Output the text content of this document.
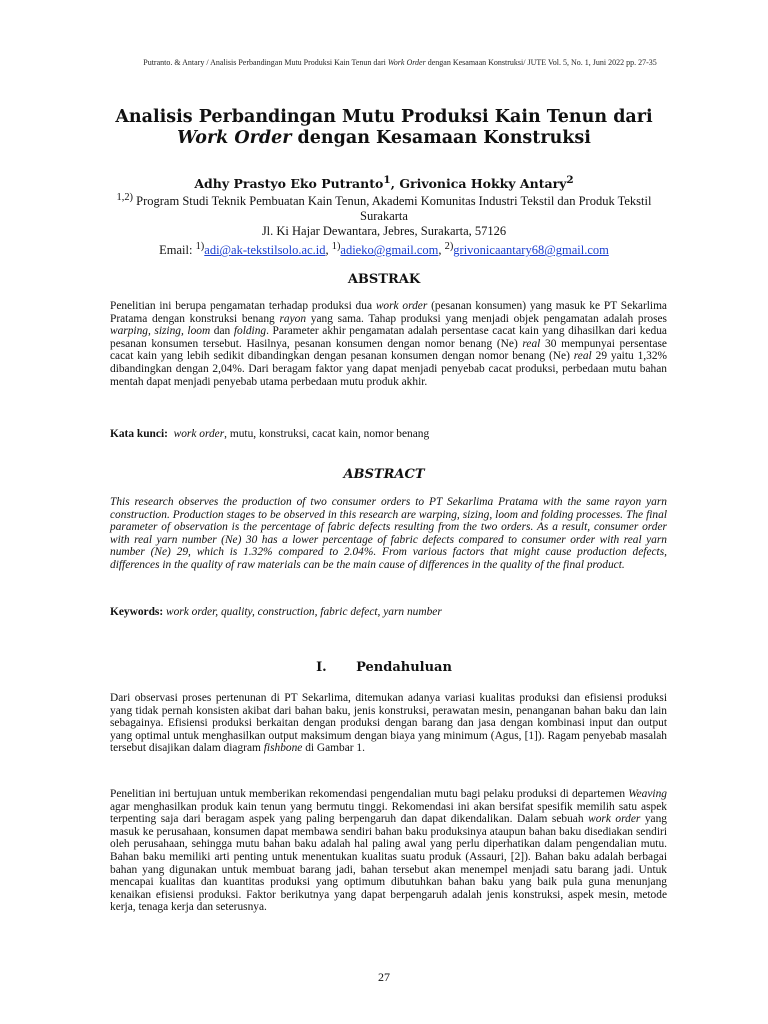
Putranto. & Antary / Analisis Perbandingan Mutu Produksi Kain Tenun dari Work Order dengan Kesamaan Konstruksi/ JUTE Vol. 5, No. 1, Juni 2022 pp. 27-35
Analisis Perbandingan Mutu Produksi Kain Tenun dari Work Order dengan Kesamaan Konstruksi
Adhy Prastyo Eko Putranto$^1$, Grivonica Hokky Antary$^2$

$^{1,2)}$ Program Studi Teknik Pembuatan Kain Tenun, Akademi Komunitas Industri Tekstil dan Produk Tekstil Surakarta

Jl. Ki Hajar Dewantara, Jebres, Surakarta, 57126

Email: $^{1)}$adi@ak-tekstilsolo.ac.id, $^{1)}$adieko@gmail.com, $^{2)}$grivonicaantary68@gmail.com

ABSTRAK

Penelitian ini berupa pengamatan terhadap produksi dua work order (pesanan konsumen) yang masuk ke PT Sekarlima Pratama dengan konstruksi benang rayon yang sama. Tahap produksi yang menjadi objek pengamatan adalah proses warping, sizing, loom dan folding. Parameter akhir pengamatan adalah persentase cacat kain yang dihasilkan dari kedua pesanan konsumen tersebut. Hasilnya, pesanan konsumen dengan nomor benang (Ne) real 30 mempunyai persentase cacat kain yang lebih sedikit dibandingkan dengan pesanan konsumen dengan nomor benang (Ne) real 29 yaitu 1,32% dibandingkan dengan 2,04%. Dari beragam faktor yang dapat menjadi penyebab cacat produksi, perbedaan mutu bahan mentah dapat menjadi penyebab utama perbedaan mutu produk akhir.

Kata kunci: work order, mutu, konstruksi, cacat kain, nomor benang
ABSTRACT

This research observes the production of two consumer orders to PT Sekarlima Pratama with the same rayon yarn construction. Production stages to be observed in this research are warping, sizing, loom and folding processes. The final parameter of observation is the percentage of fabric defects resulting from the two orders. As a result, consumer order with real yarn number (Ne) 30 has a lower percentage of fabric defects compared to consumer order with real yarn number (Ne) 29, which is 1.32% compared to 2.04%. From various factors that might cause production defects, differences in the quality of raw materials can be the main cause of differences in the quality of the final product.

Keywords: work order, quality, construction, fabric defect, yarn number
I. Pendahuluan

Dari observasi proses pertenunan di PT Sekarlima, ditemukan adanya variasi kualitas produksi dan efisiensi produksi yang tidak pernah konsisten akibat dari bahan baku, jenis konstruksi, perawatan mesin, penanganan bahan baku dan lain sebagainya. Efisiensi produksi berkaitan dengan produksi dengan barang dan jasa dengan kombinasi input dan output yang optimal untuk menghasilkan output maksimum dengan biaya yang minimum (Agus, [1]). Ragam penyebab masalah tersebut disajikan dalam diagram fishbone di Gambar 1.

Penelitian ini bertujuan untuk memberikan rekomendasi pengendalian mutu bagi pelaku produksi di departemen Weaving agar menghasilkan produk kain tenun yang bermutu tinggi. Rekomendasi ini akan bersifat spesifik memilih satu aspek terpenting saja dari beragam aspek yang paling berpengaruh dan dapat dikendalikan. Dalam sebuah work order yang masuk ke perusahaan, konsumen dapat membawa sendiri bahan baku produksinya ataupun bahan baku disediakan sendiri oleh perusahaan, sehingga mutu bahan baku adalah hal paling awal yang perlu diperhatikan dalam pengendalian mutu. Bahan baku memiliki arti penting untuk menentukan kualitas suatu produk (Assauri, [2]). Bahan baku adalah berbagai bahan yang digunakan untuk membuat barang jadi, bahan tersebut akan menempel menjadi satu barang jadi. Untuk mencapai kualitas dan kuantitas produksi yang optimum dibutuhkan bahan baku yang baik pula guna menunjang kenaikan efisiensi produksi. Faktor berikutnya yang dapat berpengaruh adalah jenis konstruksi, aspek mesin, metode kerja, tenaga kerja dan seterusnya.

27
